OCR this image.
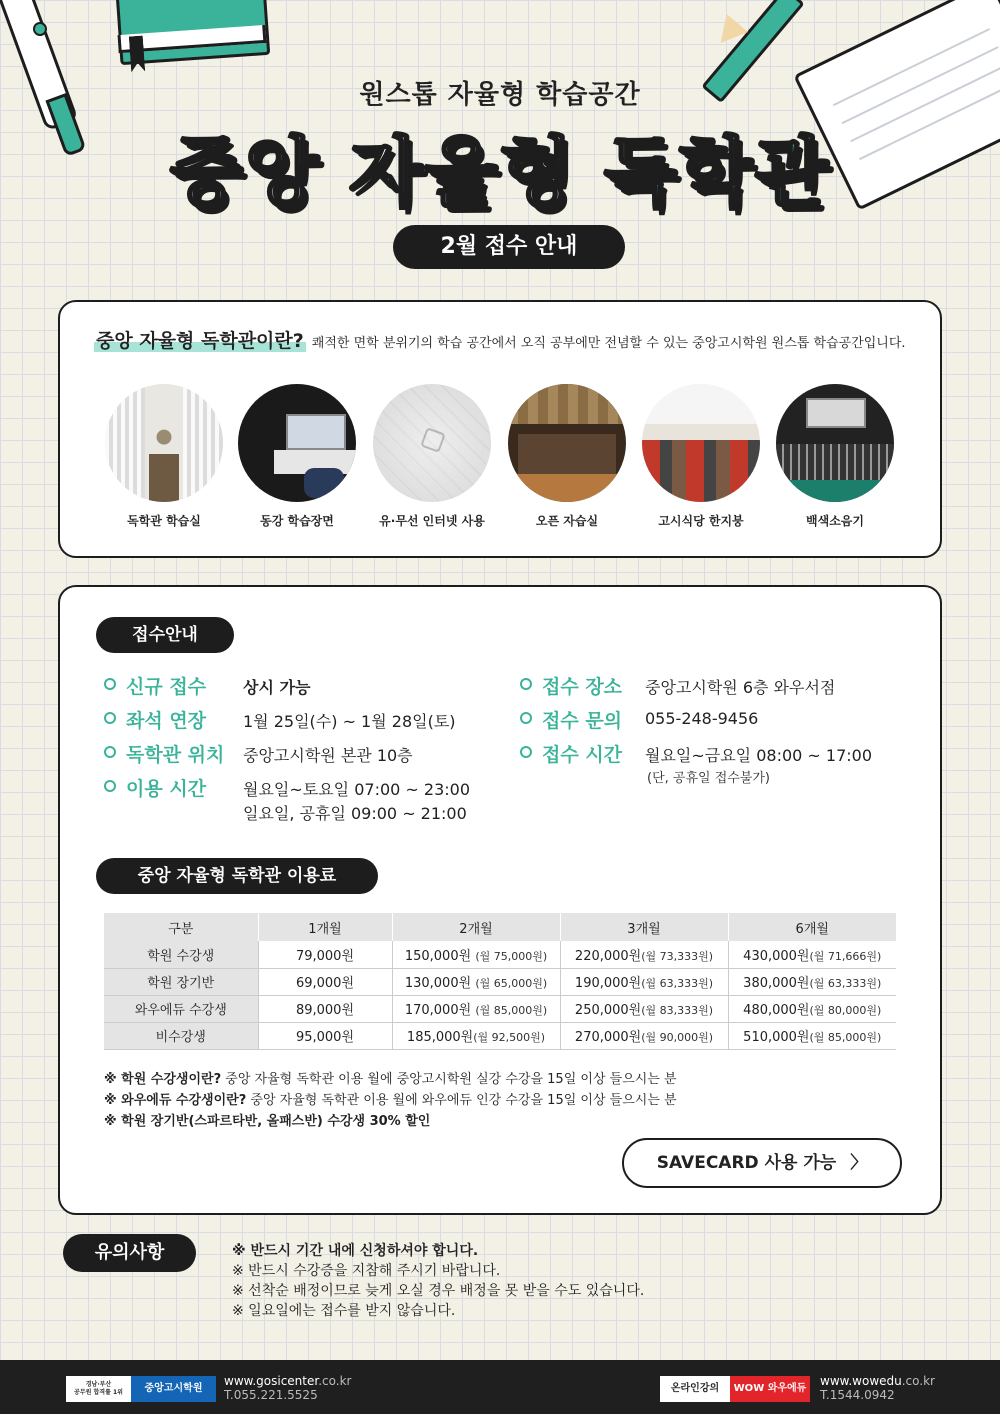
원스톱 자율형 학습공간
중앙 자율형 독학관
2월 접수 안내
중앙 자율형 독학관이란? 쾌적한 면학 분위기의 학습 공간에서 오직 공부에만 전념할 수 있는 중앙고시학원 원스톱 학습공간입니다.
독학관 학습실	동강 학습장면	유·무선 인터넷 사용	오픈 자습실	고시식당 한지붕	백색소음기
접수안내
신규 접수 상시 가능
좌석 연장 1월 25일(수) ~ 1월 28일(토)
독학관 위치 중앙고시학원 본관 10층
이용 시간 월요일~토요일 07:00 ~ 23:00
일요일, 공휴일 09:00 ~ 21:00
접수 장소 중앙고시학원 6층 와우서점
접수 문의 055-248-9456
접수 시간 월요일~금요일 08:00 ~ 17:00
(단, 공휴일 접수불가)
중앙 자율형 독학관 이용료
구분	1개월	2개월	3개월	6개월
학원 수강생	79,000원	150,000원 (월 75,000원)	220,000원(월 73,333원)	430,000원(월 71,666원)
학원 장기반	69,000원	130,000원 (월 65,000원)	190,000원(월 63,333원)	380,000원(월 63,333원)
와우에듀 수강생	89,000원	170,000원 (월 85,000원)	250,000원(월 83,333원)	480,000원(월 80,000원)
비수강생	95,000원	185,000원(월 92,500원)	270,000원(월 90,000원)	510,000원(월 85,000원)
※ 학원 수강생이란? 중앙 자율형 독학관 이용 월에 중앙고시학원 실강 수강을 15일 이상 들으시는 분
※ 와우에듀 수강생이란? 중앙 자율형 독학관 이용 월에 와우에듀 인강 수강을 15일 이상 들으시는 분
※ 학원 장기반(스파르타반, 올패스반) 수강생 30% 할인
SAVECARD 사용 가능 〉
유의사항	※ 반드시 기간 내에 신청하셔야 합니다.
※ 반드시 수강증을 지참해 주시기 바랍니다.
※ 선착순 배정이므로 늦게 오실 경우 배정을 못 받을 수도 있습니다.
※ 일요일에는 접수를 받지 않습니다.
경남·부산
공무원 합격률 1위	중앙고시학원
www.gosicenter.co.kr
T.055.221.5525	온라인강의	WOW 와우에듀
www.wowedu.co.kr
T.1544.0942
